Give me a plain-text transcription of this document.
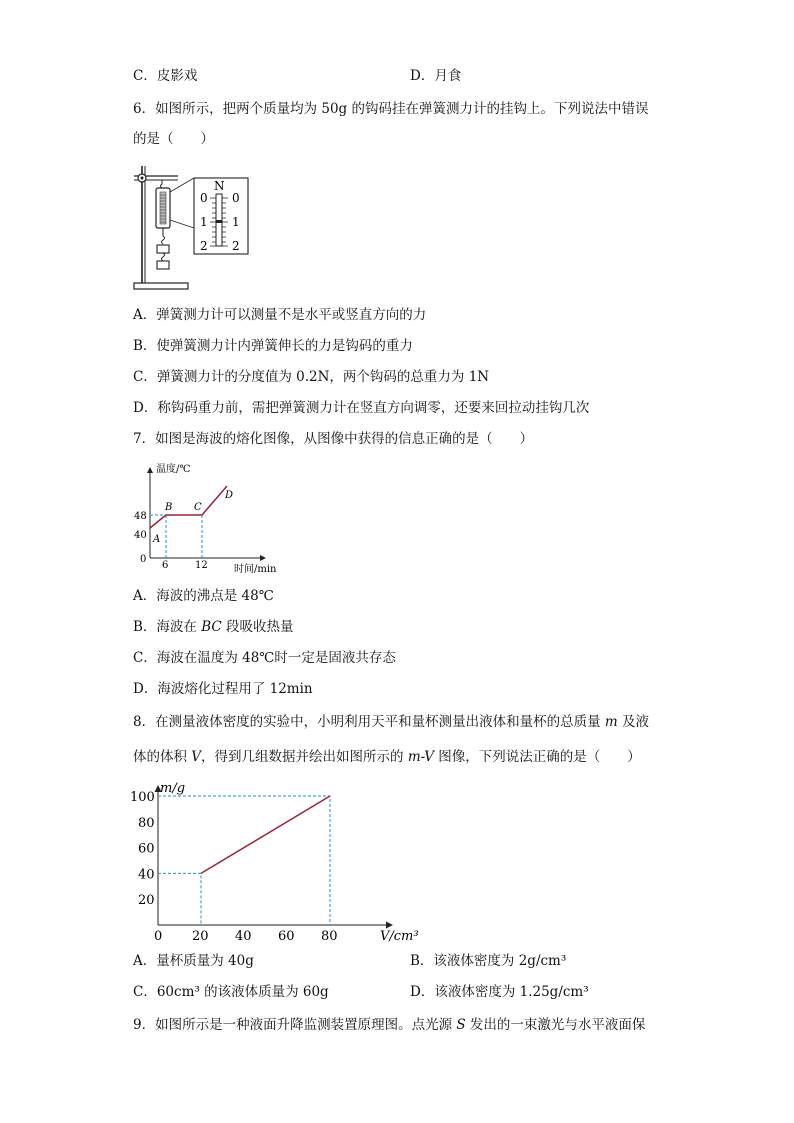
C．皮影戏	D．月食
6．如图所示，把两个质量均为 50g 的钩码挂在弹簧测力计的挂钩上。下列说法中错误
的是（　　）
N
0
1
2
0
1
2
A．弹簧测力计可以测量不是水平或竖直方向的力
B．使弹簧测力计内弹簧伸长的力是钩码的重力
C．弹簧测力计的分度值为 0.2N，两个钩码的总重力为 1N
D．称钩码重力前，需把弹簧测力计在竖直方向调零，还要来回拉动挂钩几次
7．如图是海波的熔化图像，从图像中获得的信息正确的是（　　）
温度/℃
时间/min
48
40
0
6	12
A
B C
D
A．海波的沸点是 48℃
B．海波在 BC 段吸收热量
C．海波在温度为 48℃时一定是固液共存态
D．海波熔化过程用了 12min
8．在测量液体密度的实验中，小明利用天平和量杯测量出液体和量杯的总质量 m 及液
体的体积 V，得到几组数据并绘出如图所示的 m-V 图像，下列说法正确的是（　　）
m/g
V/cm³
0 20 40 60 80
20
40
60
80
100
A．量杯质量为 40g	B．该液体密度为 2g/cm³
C．60cm³ 的该液体质量为 60g	D．该液体密度为 1.25g/cm³
9．如图所示是一种液面升降监测装置原理图。点光源 S 发出的一束激光与水平液面保
